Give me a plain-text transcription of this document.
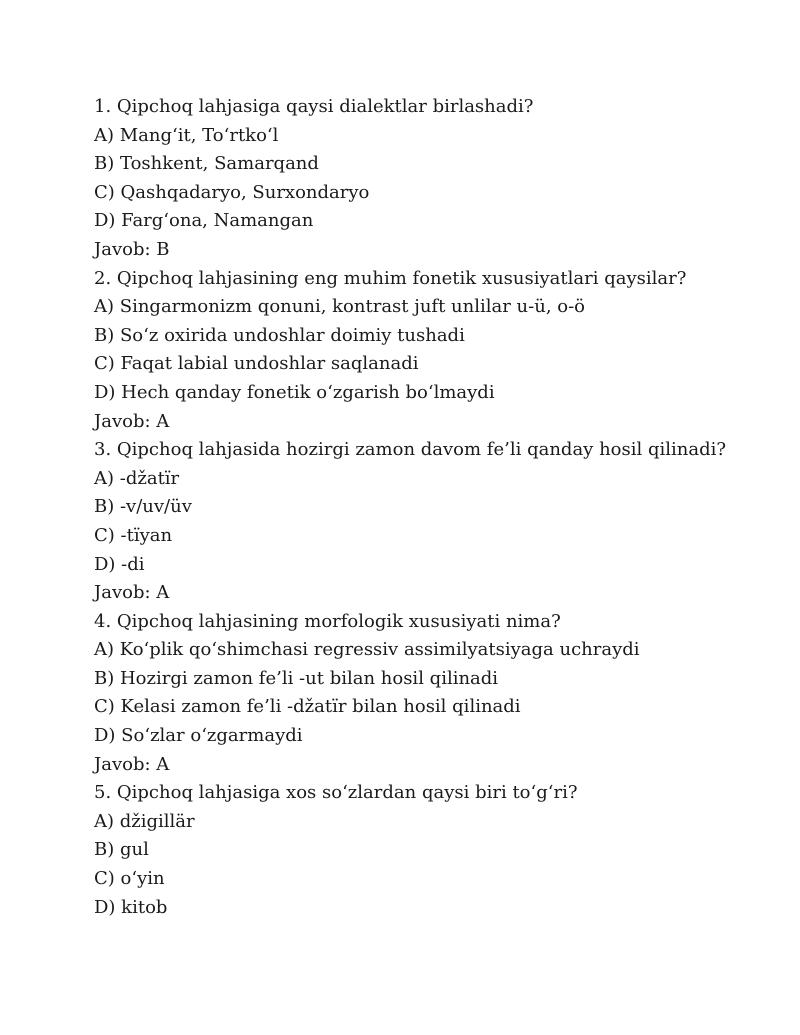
1. Qipchoq lahjasiga qaysi dialektlar birlashadi?
A) Mang‘it, To‘rtko‘l
B) Toshkent, Samarqand
C) Qashqadaryo, Surxondaryo
D) Farg‘ona, Namangan
Javob: B
2. Qipchoq lahjasining eng muhim fonetik xususiyatlari qaysilar?
A) Singarmonizm qonuni, kontrast juft unlilar u-ü, o-ö
B) So‘z oxirida undoshlar doimiy tushadi
C) Faqat labial undoshlar saqlanadi
D) Hech qanday fonetik o‘zgarish bo‘lmaydi
Javob: A
3. Qipchoq lahjasida hozirgi zamon davom fe’li qanday hosil qilinadi?
A) -džatïr
B) -v/uv/üv
C) -tïyan
D) -di
Javob: A
4. Qipchoq lahjasining morfologik xususiyati nima?
A) Ko‘plik qo‘shimchasi regressiv assimilyatsiyaga uchraydi
B) Hozirgi zamon fe’li -ut bilan hosil qilinadi
C) Kelasi zamon fe’li -džatïr bilan hosil qilinadi
D) So‘zlar o‘zgarmaydi
Javob: A
5. Qipchoq lahjasiga xos so‘zlardan qaysi biri to‘g‘ri?
A) džigillär
B) gul
C) o‘yin
D) kitob
